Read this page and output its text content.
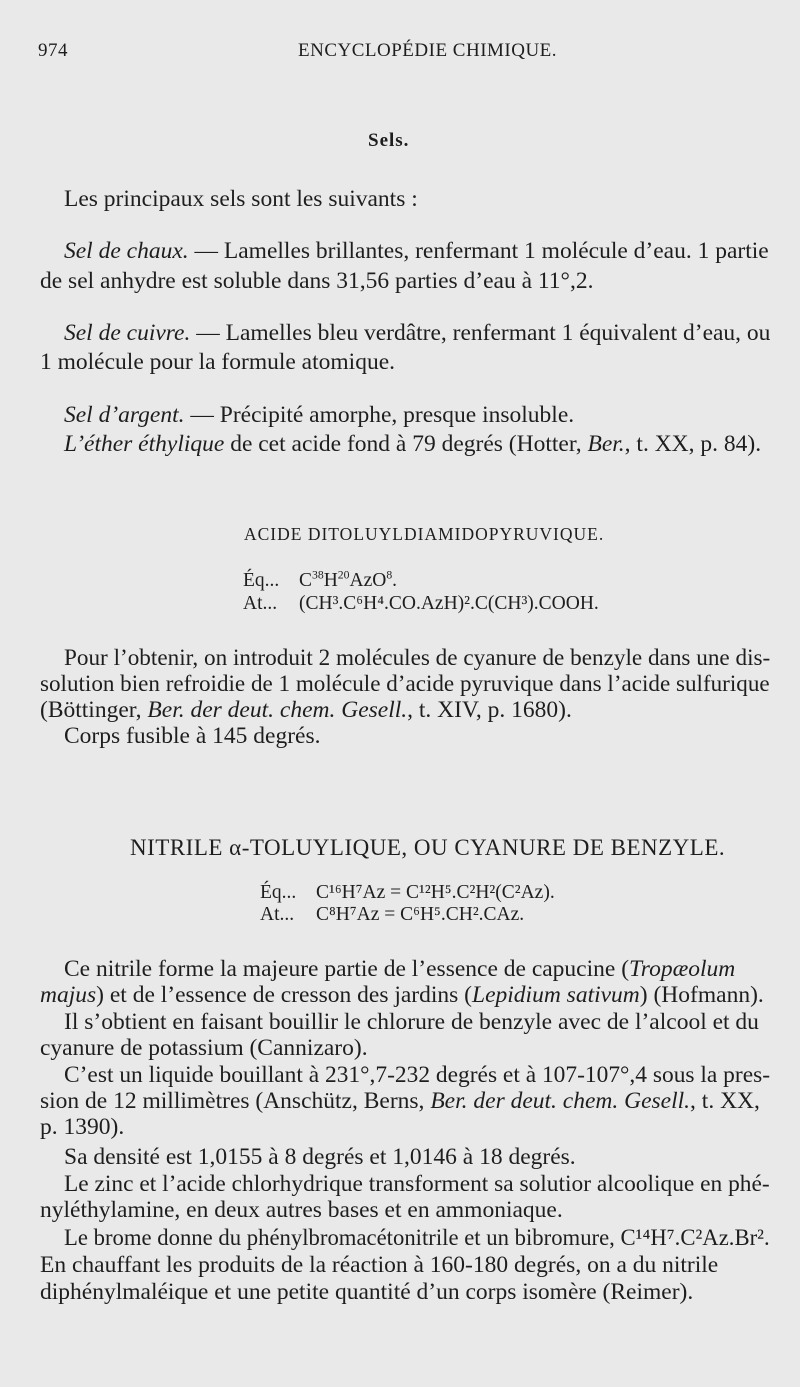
974	ENCYCLOPÉDIE CHIMIQUE.
Sels.
Les principaux sels sont les suivants :
Sel de chaux. — Lamelles brillantes, renfermant 1 molécule d’eau. 1 partie
de sel anhydre est soluble dans 31,56 parties d’eau à 11°,2.
Sel de cuivre. — Lamelles bleu verdâtre, renfermant 1 équivalent d’eau, ou
1 molécule pour la formule atomique.
Sel d’argent. — Précipité amorphe, presque insoluble.
L’éther éthylique de cet acide fond à 79 degrés (Hotter, Ber., t. XX, p. 84).
ACIDE DITOLUYLDIAMIDOPYRUVIQUE.
Éq... $C^{38}H^{20}AzO^8$.
At... (CH³.C⁶H⁴.CO.AzH)².C(CH³).COOH.
Pour l’obtenir, on introduit 2 molécules de cyanure de benzyle dans une dis-
solution bien refroidie de 1 molécule d’acide pyruvique dans l’acide sulfurique
(Böttinger, Ber. der deut. chem. Gesell., t. XIV, p. 1680).
Corps fusible à 145 degrés.
NITRILE α-TOLUYLIQUE, OU CYANURE DE BENZYLE.
Éq... C¹⁶H⁷Az = C¹²H⁵.C²H²(C²Az).
At... C⁸H⁷Az = C⁶H⁵.CH².CAz.
Ce nitrile forme la majeure partie de l’essence de capucine (Tropæolum
majus) et de l’essence de cresson des jardins (Lepidium sativum) (Hofmann).
Il s’obtient en faisant bouillir le chlorure de benzyle avec de l’alcool et du
cyanure de potassium (Cannizaro).
C’est un liquide bouillant à 231°,7-232 degrés et à 107-107°,4 sous la pres-
sion de 12 millimètres (Anschütz, Berns, Ber. der deut. chem. Gesell., t. XX,
p. 1390).
Sa densité est 1,0155 à 8 degrés et 1,0146 à 18 degrés.
Le zinc et l’acide chlorhydrique transforment sa solutior alcoolique en phé-
nyléthylamine, en deux autres bases et en ammoniaque.
Le brome donne du phénylbromacétonitrile et un bibromure, C¹⁴H⁷.C²Az.Br².
En chauffant les produits de la réaction à 160-180 degrés, on a du nitrile
diphénylmaléique et une petite quantité d’un corps isomère (Reimer).
